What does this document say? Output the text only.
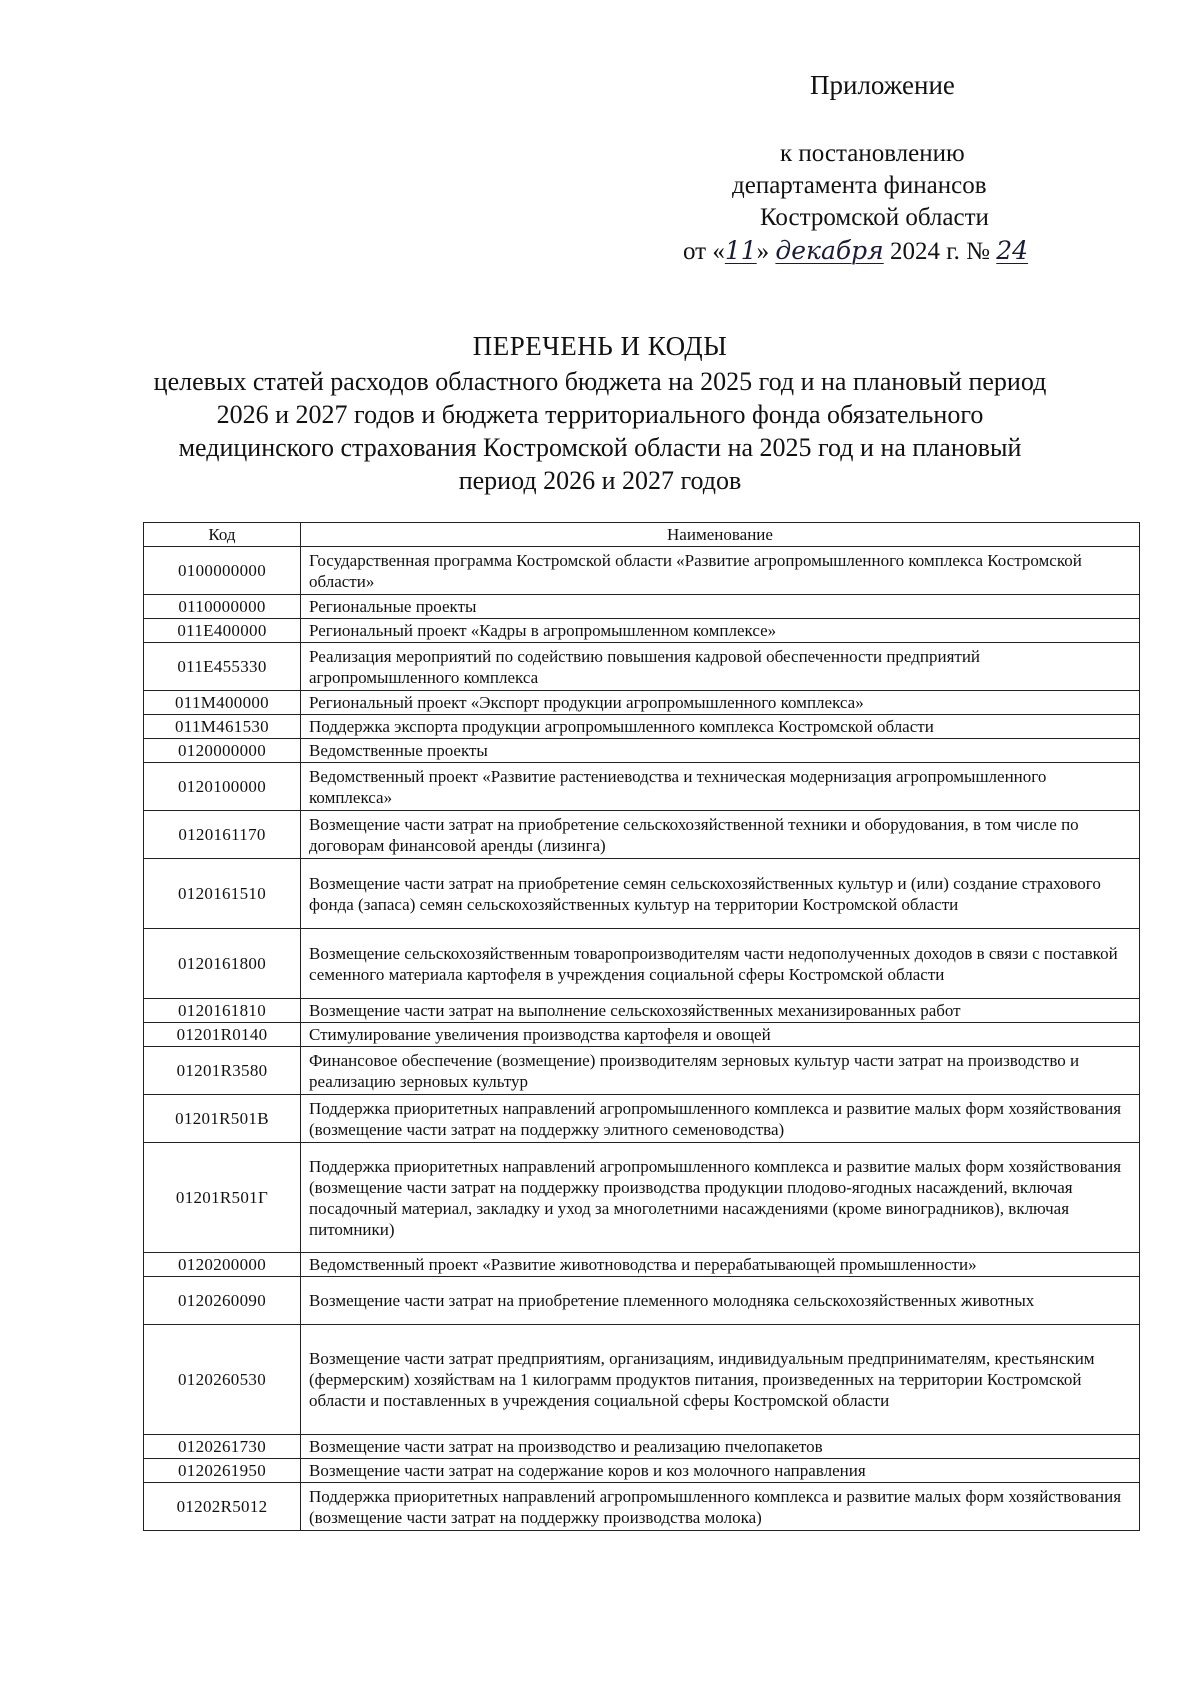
Приложение
к постановлению
департамента финансов
Костромской области
от «11» декабря 2024 г. № 24
ПЕРЕЧЕНЬ И КОДЫ
целевых статей расходов областного бюджета на 2025 год и на плановый период 2026 и 2027 годов и бюджета территориального фонда обязательного медицинского страхования Костромской области на 2025 год и на плановый период 2026 и 2027 годов
Код	Наименование
0100000000	Государственная программа Костромской области «Развитие агропромышленного комплекса Костромской области»
0110000000	Региональные проекты
011E400000	Региональный проект «Кадры в агропромышленном комплексе»
011E455330	Реализация мероприятий по содействию повышения кадровой обеспеченности предприятий агропромышленного комплекса
011M400000	Региональный проект «Экспорт продукции агропромышленного комплекса»
011M461530	Поддержка экспорта продукции агропромышленного комплекса Костромской области
0120000000	Ведомственные проекты
0120100000	Ведомственный проект «Развитие растениеводства и техническая модернизация агропромышленного комплекса»
0120161170	Возмещение части затрат на приобретение сельскохозяйственной техники и оборудования, в том числе по договорам финансовой аренды (лизинга)
0120161510	Возмещение части затрат на приобретение семян сельскохозяйственных культур и (или) создание страхового фонда (запаса) семян сельскохозяйственных культур на территории Костромской области
0120161800	Возмещение сельскохозяйственным товаропроизводителям части недополученных доходов в связи с поставкой семенного материала картофеля в учреждения социальной сферы Костромской области
0120161810	Возмещение части затрат на выполнение сельскохозяйственных механизированных работ
01201R0140	Стимулирование увеличения производства картофеля и овощей
01201R3580	Финансовое обеспечение (возмещение) производителям зерновых культур части затрат на производство и реализацию зерновых культур
01201R501B	Поддержка приоритетных направлений агропромышленного комплекса и развитие малых форм хозяйствования (возмещение части затрат на поддержку элитного семеноводства)
01201R501Г	Поддержка приоритетных направлений агропромышленного комплекса и развитие малых форм хозяйствования (возмещение части затрат на поддержку производства продукции плодово-ягодных насаждений, включая посадочный материал, закладку и уход за многолетними насаждениями (кроме виноградников), включая питомники)
0120200000	Ведомственный проект «Развитие животноводства и перерабатывающей промышленности»
0120260090	Возмещение части затрат на приобретение племенного молодняка сельскохозяйственных животных
0120260530	Возмещение части затрат предприятиям, организациям, индивидуальным предпринимателям, крестьянским (фермерским) хозяйствам на 1 килограмм продуктов питания, произведенных на территории Костромской области и поставленных в учреждения социальной сферы Костромской области
0120261730	Возмещение части затрат на производство и реализацию пчелопакетов
0120261950	Возмещение части затрат на содержание коров и коз молочного направления
01202R5012	Поддержка приоритетных направлений агропромышленного комплекса и развитие малых форм хозяйствования (возмещение части затрат на поддержку производства молока)
